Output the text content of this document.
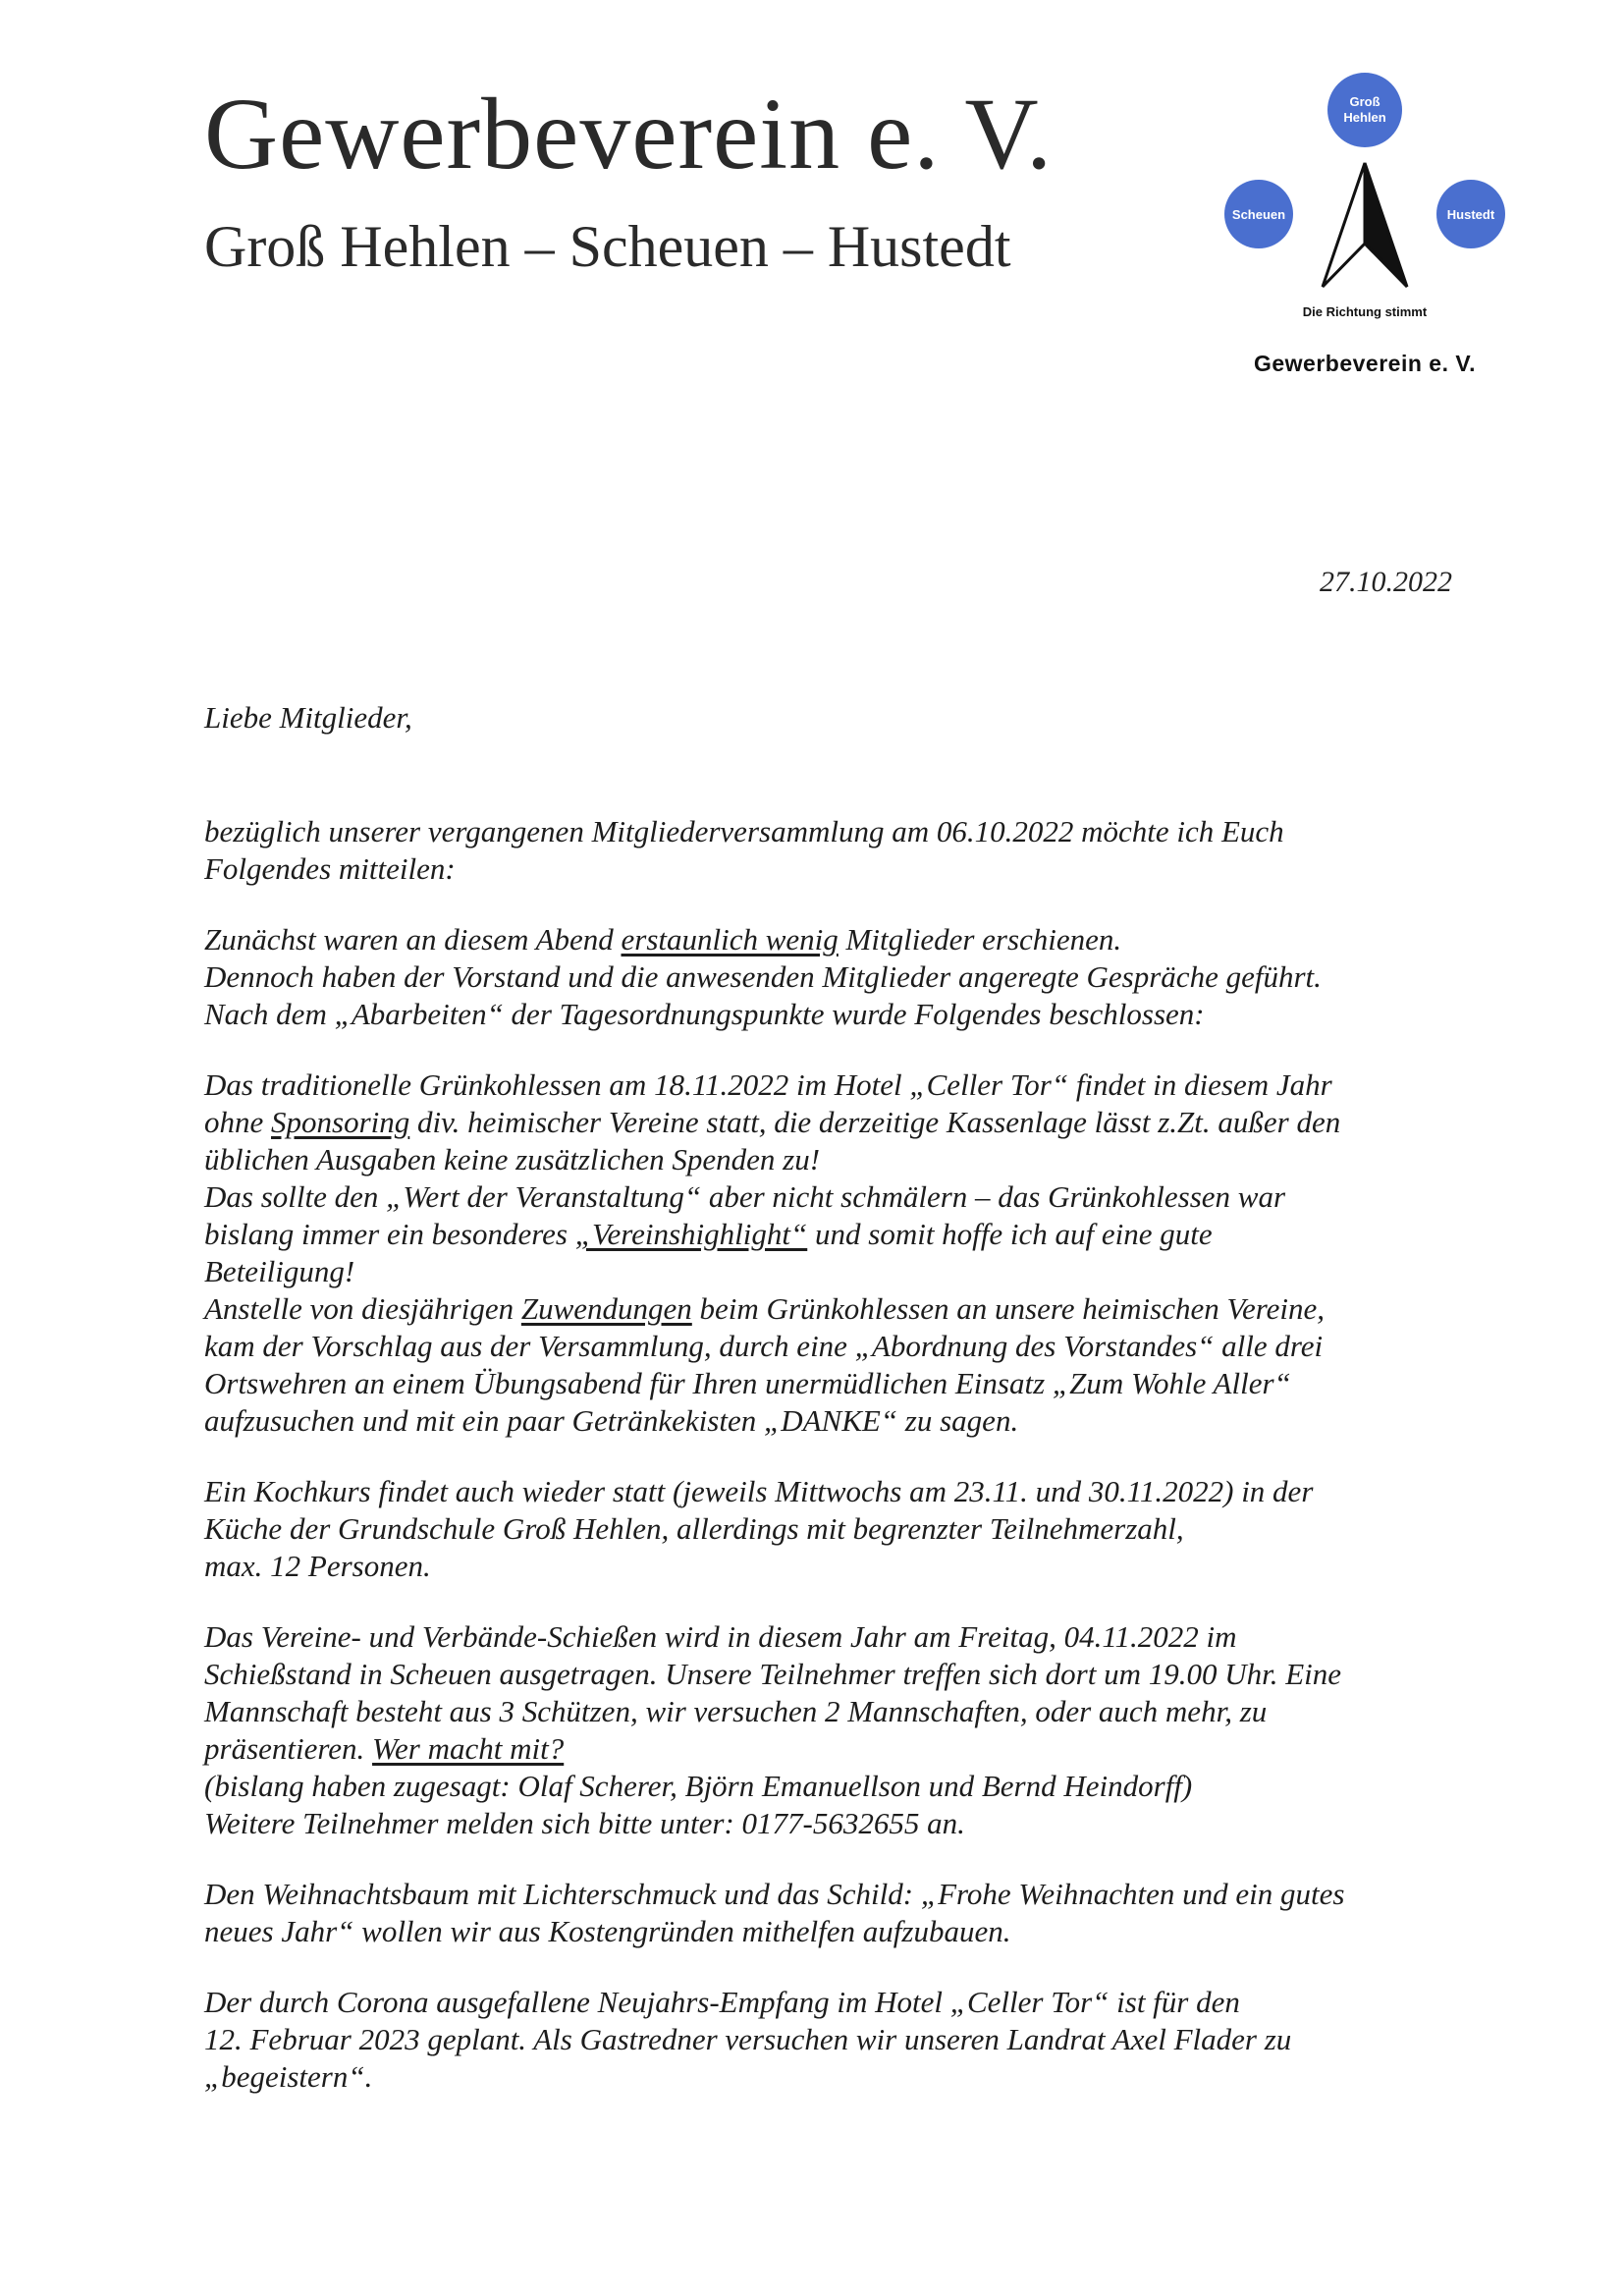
Gewerbeverein e. V.
Groß Hehlen – Scheuen – Hustedt
Groß
Hehlen
Scheuen	Hustedt
Die Richtung stimmt
Gewerbeverein e. V.
27.10.2022

Liebe Mitglieder,

bezüglich unserer vergangenen Mitgliederversammlung am 06.10.2022 möchte ich Euch

Folgendes mitteilen:

Zunächst waren an diesem Abend erstaunlich wenig Mitglieder erschienen.

Dennoch haben der Vorstand und die anwesenden Mitglieder angeregte Gespräche geführt.

Nach dem „Abarbeiten“ der Tagesordnungspunkte wurde Folgendes beschlossen:

Das traditionelle Grünkohlessen am 18.11.2022 im Hotel „Celler Tor“ findet in diesem Jahr

ohne Sponsoring div. heimischer Vereine statt, die derzeitige Kassenlage lässt z.Zt. außer den

üblichen Ausgaben keine zusätzlichen Spenden zu!

Das sollte den „Wert der Veranstaltung“ aber nicht schmälern – das Grünkohlessen war

bislang immer ein besonderes „Vereinshighlight“ und somit hoffe ich auf eine gute

Beteiligung!

Anstelle von diesjährigen Zuwendungen beim Grünkohlessen an unsere heimischen Vereine,

kam der Vorschlag aus der Versammlung, durch eine „Abordnung des Vorstandes“ alle drei

Ortswehren an einem Übungsabend für Ihren unermüdlichen Einsatz „Zum Wohle Aller“

aufzusuchen und mit ein paar Getränkekisten „DANKE“ zu sagen.

Ein Kochkurs findet auch wieder statt (jeweils Mittwochs am 23.11. und 30.11.2022) in der

Küche der Grundschule Groß Hehlen, allerdings mit begrenzter Teilnehmerzahl,

max. 12 Personen.

Das Vereine- und Verbände-Schießen wird in diesem Jahr am Freitag, 04.11.2022 im

Schießstand in Scheuen ausgetragen. Unsere Teilnehmer treffen sich dort um 19.00 Uhr. Eine

Mannschaft besteht aus 3 Schützen, wir versuchen 2 Mannschaften, oder auch mehr, zu

präsentieren. Wer macht mit?

(bislang haben zugesagt: Olaf Scherer, Björn Emanuellson und Bernd Heindorff)

Weitere Teilnehmer melden sich bitte unter: 0177-5632655 an.

Den Weihnachtsbaum mit Lichterschmuck und das Schild: „Frohe Weihnachten und ein gutes

neues Jahr“ wollen wir aus Kostengründen mithelfen aufzubauen.

Der durch Corona ausgefallene Neujahrs-Empfang im Hotel „Celler Tor“ ist für den

12. Februar 2023 geplant. Als Gastredner versuchen wir unseren Landrat Axel Flader zu

„begeistern“.
